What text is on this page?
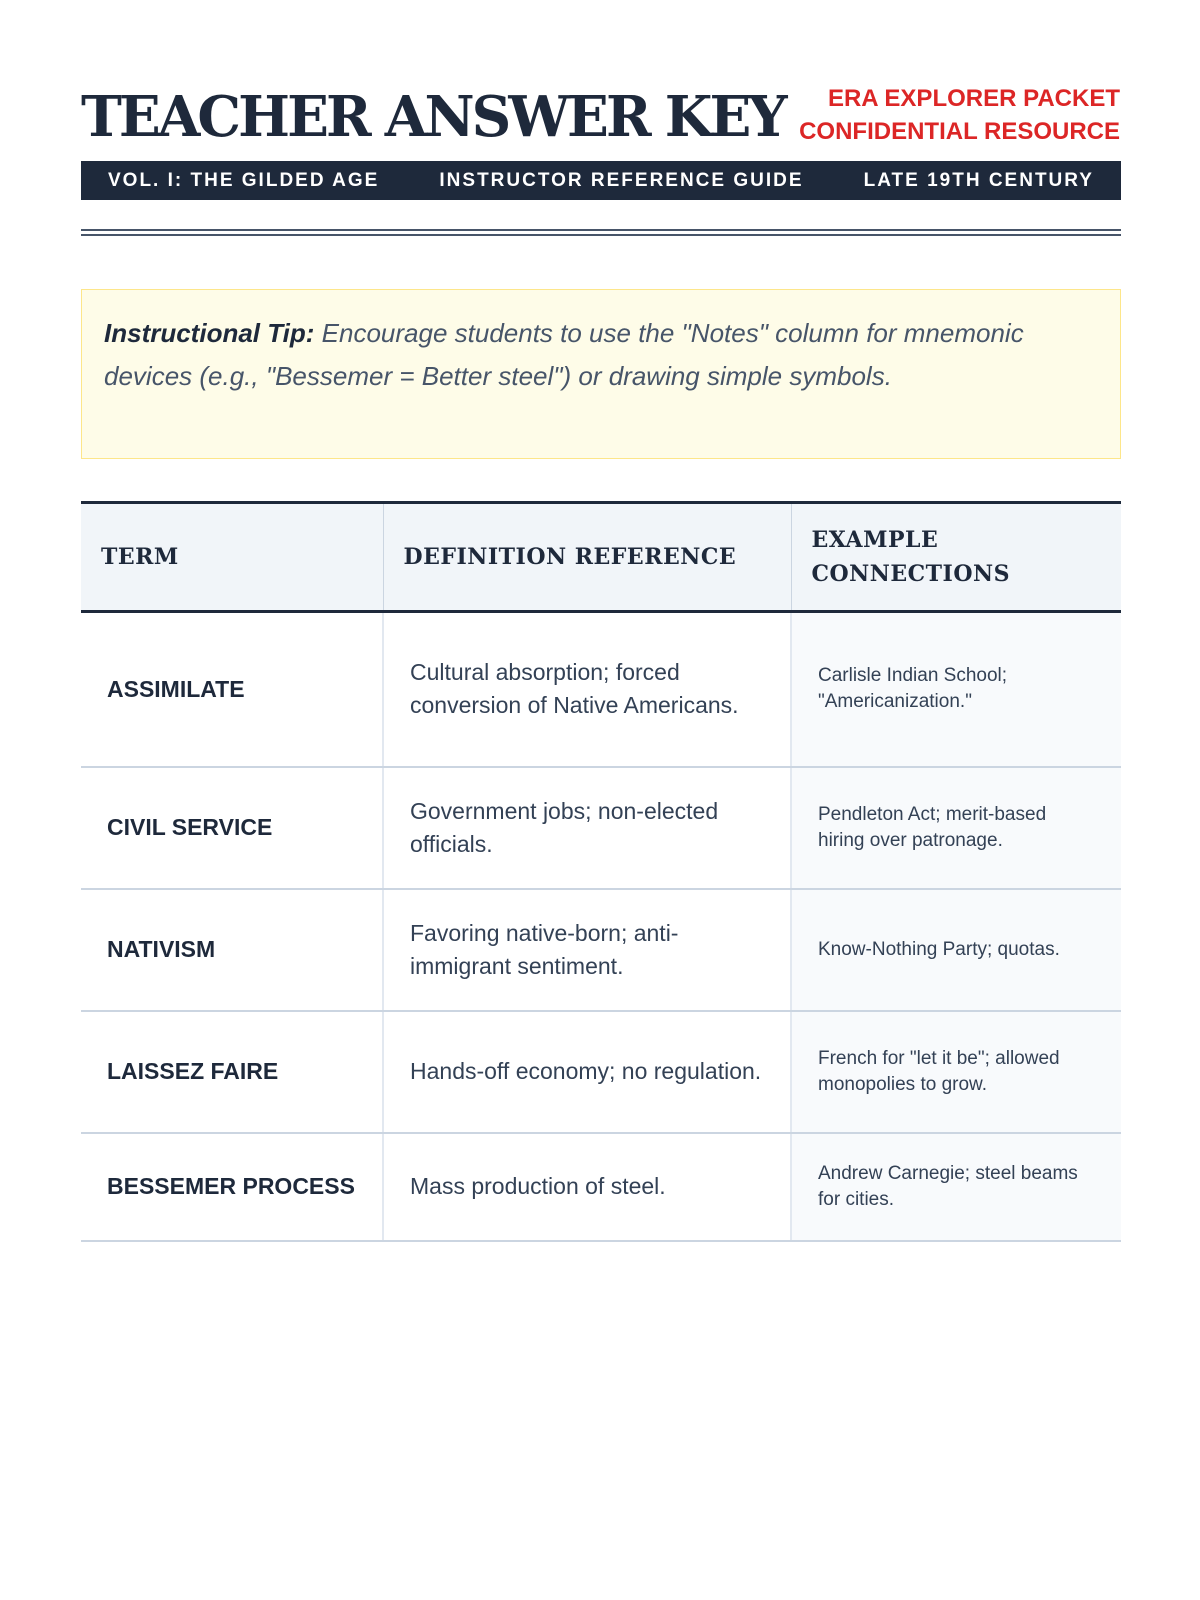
TEACHER ANSWER KEY	ERA EXPLORER PACKET
CONFIDENTIAL RESOURCE
VOL. I: THE GILDED AGE	INSTRUCTOR REFERENCE GUIDE	LATE 19TH CENTURY
Instructional Tip: Encourage students to use the "Notes" column for mnemonic devices (e.g., "Bessemer = Better steel") or drawing simple symbols.
TERM	DEFINITION REFERENCE	EXAMPLE CONNECTIONS
ASSIMILATE	Cultural absorption; forced conversion of Native Americans.	Carlisle Indian School; "Americanization."
CIVIL SERVICE	Government jobs; non-elected officials.	Pendleton Act; merit-based hiring over patronage.
NATIVISM	Favoring native-born; anti-immigrant sentiment.	Know-Nothing Party; quotas.
LAISSEZ FAIRE	Hands-off economy; no regulation.	French for "let it be"; allowed monopolies to grow.
BESSEMER PROCESS	Mass production of steel.	Andrew Carnegie; steel beams for cities.
